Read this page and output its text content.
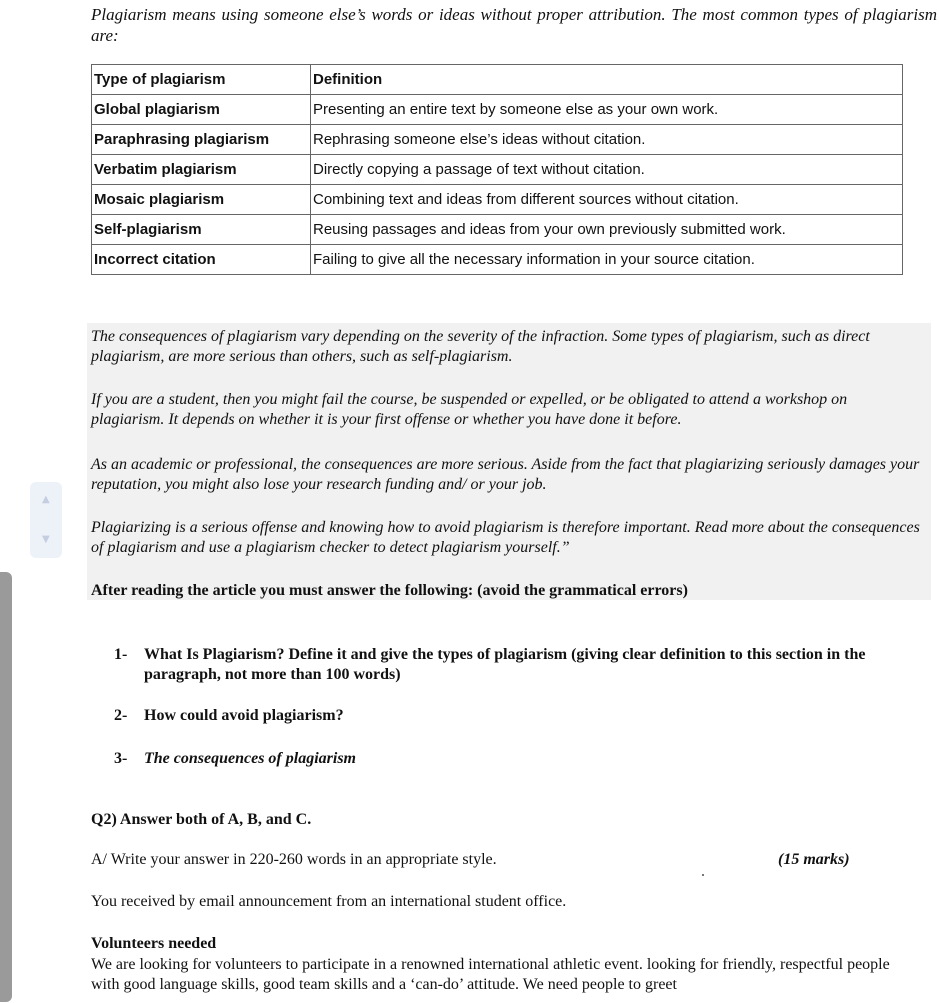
▲
▼
Plagiarism means using someone else’s words or ideas without proper attribution. The most common types of plagiarism are:
Type of plagiarism	Definition
Global plagiarism	Presenting an entire text by someone else as your own work.
Paraphrasing plagiarism	Rephrasing someone else’s ideas without citation.
Verbatim plagiarism	Directly copying a passage of text without citation.
Mosaic plagiarism	Combining text and ideas from different sources without citation.
Self-plagiarism	Reusing passages and ideas from your own previously submitted work.
Incorrect citation	Failing to give all the necessary information in your source citation.

The consequences of plagiarism vary depending on the severity of the infraction. Some types of plagiarism, such as direct plagiarism, are more serious than others, such as self-plagiarism.

If you are a student, then you might fail the course, be suspended or expelled, or be obligated to attend a workshop on plagiarism. It depends on whether it is your first offense or whether you have done it before.

As an academic or professional, the consequences are more serious. Aside from the fact that plagiarizing seriously damages your reputation, you might also lose your research funding and/ or your job.

Plagiarizing is a serious offense and knowing how to avoid plagiarism is therefore important. Read more about the consequences of plagiarism and use a plagiarism checker to detect plagiarism yourself.”

After reading the article you must answer the following: (avoid the grammatical errors)

1- What Is Plagiarism? Define it and give the types of plagiarism (giving clear definition to this section in the paragraph, not more than 100 words)
2- How could avoid plagiarism?
3- The consequences of plagiarism
Q2) Answer both of A, B, and C.
A/ Write your answer in 220-260 words in an appropriate style.	(15 marks)
You received by email announcement from an international student office.
Volunteers needed
We are looking for volunteers to participate in a renowned international athletic event. looking for friendly, respectful people with good language skills, good team skills and a ‘can-do’ attitude. We need people to greet
